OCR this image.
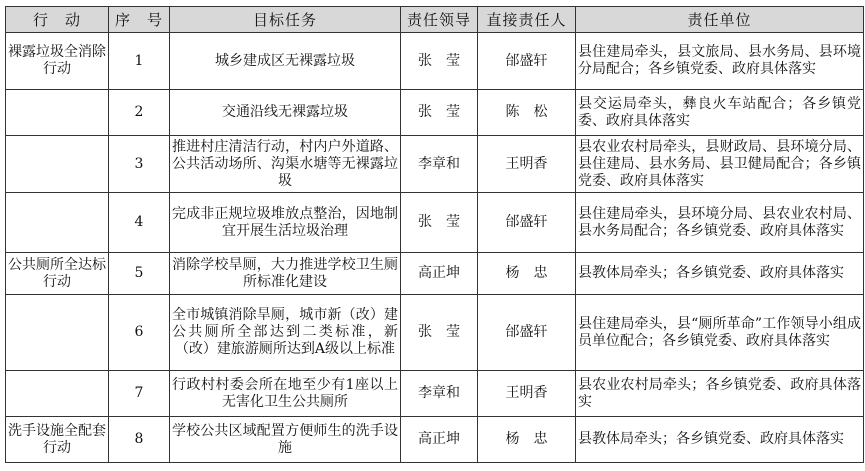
行　动	序　号	目标任务	责任领导	直接责任人	责任单位
裸露垃圾全消除行动	1	城乡建成区无裸露垃圾	张　莹	邰盛轩	县住建局牵头，县文旅局、县水务局、县环境分局配合；各乡镇党委、政府具体落实
	2	交通沿线无裸露垃圾	张　莹	陈　松	县交运局牵头，彝良火车站配合；各乡镇党委、政府具体落实
	3	推进村庄清洁行动，村内户外道路、公共活动场所、沟渠水塘等无裸露垃圾	李章和	王明香	县农业农村局牵头，县财政局、县环境分局、县住建局、县水务局、县卫健局配合；各乡镇党委、政府具体落实
	4	完成非正规垃圾堆放点整治，因地制宜开展生活垃圾治理	张　莹	邰盛轩	县住建局牵头，县环境分局、县农业农村局、县水务局配合；各乡镇党委、政府具体落实
公共厕所全达标行动	5	消除学校旱厕，大力推进学校卫生厕所标准化建设	高正坤	杨　忠	县教体局牵头；各乡镇党委、政府具体落实
	6	全市城镇消除旱厕，城市新（改）建公共厕所全部达到二类标准，新（改）建旅游厕所达到A级以上标准	张　莹	邰盛轩	县住建局牵头，县“厕所革命”工作领导小组成员单位配合；各乡镇党委、政府具体落实
	7	行政村村委会所在地至少有1座以上无害化卫生公共厕所	李章和	王明香	县农业农村局牵头；各乡镇党委、政府具体落实
洗手设施全配套行动	8	学校公共区域配置方便师生的洗手设施	高正坤	杨　忠	县教体局牵头；各乡镇党委、政府具体落实
